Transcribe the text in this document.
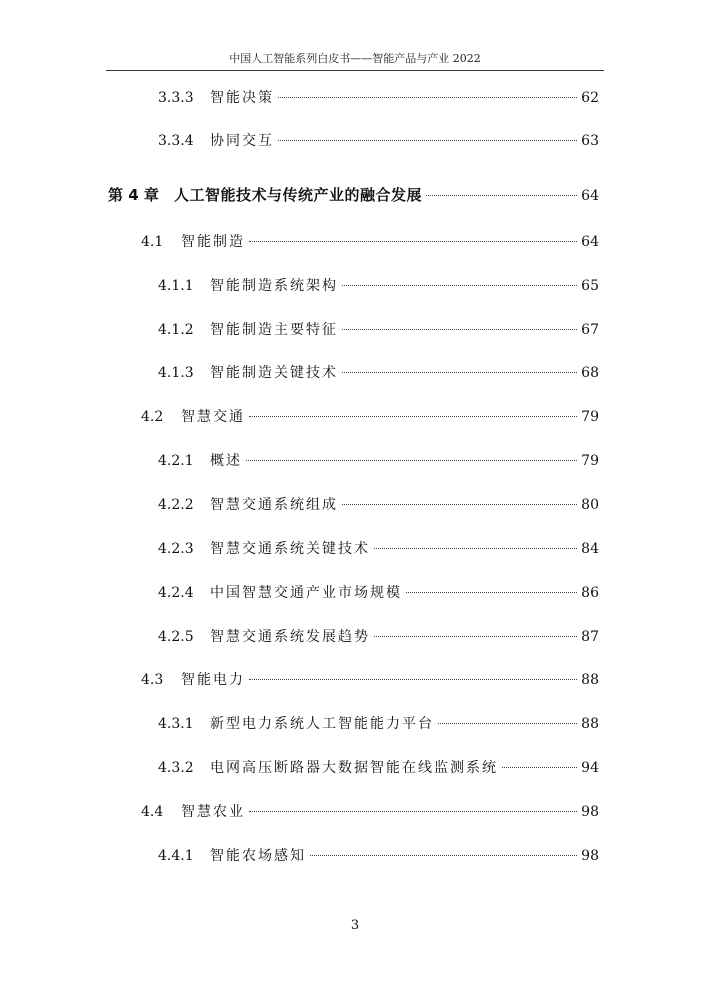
中国人工智能系列白皮书——智能产品与产业 2022
3.3.3	智能决策	62
3.3.4	协同交互	63
第 4 章	人工智能技术与传统产业的融合发展	64
4.1	智能制造	64
4.1.1	智能制造系统架构	65
4.1.2	智能制造主要特征	67
4.1.3	智能制造关键技术	68
4.2	智慧交通	79
4.2.1	概述	79
4.2.2	智慧交通系统组成	80
4.2.3	智慧交通系统关键技术	84
4.2.4	中国智慧交通产业市场规模	86
4.2.5	智慧交通系统发展趋势	87
4.3	智能电力	88
4.3.1	新型电力系统人工智能能力平台	88
4.3.2	电网高压断路器大数据智能在线监测系统	94
4.4	智慧农业	98
4.4.1	智能农场感知	98
3
